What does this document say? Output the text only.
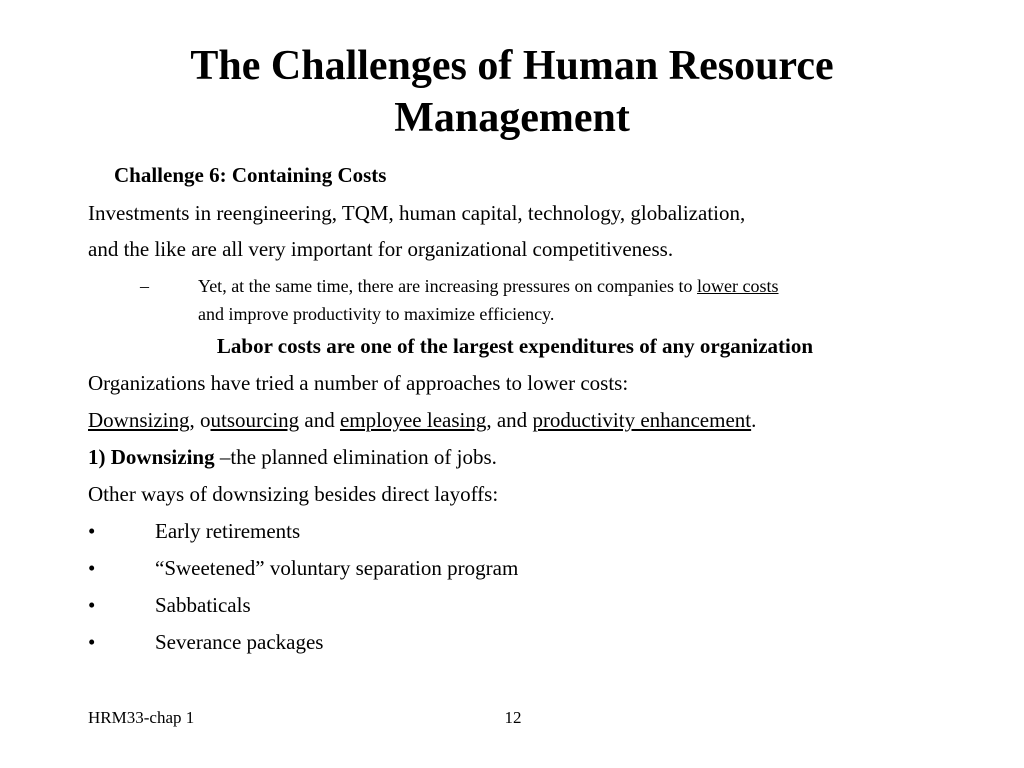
The Challenges of Human Resource
Management
Challenge 6: Containing Costs
Investments in reengineering, TQM, human capital, technology, globalization,
and the like are all very important for organizational competitiveness.
–	Yet, at the same time, there are increasing pressures on companies to lower costs
and improve productivity to maximize efficiency.
Labor costs are one of the largest expenditures of any organization
Organizations have tried a number of approaches to lower costs:
Downsizing, outsourcing and employee leasing, and productivity enhancement.
1) Downsizing –the planned elimination of jobs.
Other ways of downsizing besides direct layoffs:
•	Early retirements
•	“Sweetened” voluntary separation program
•	Sabbaticals
•	Severance packages
HRM33-chap 1	12
